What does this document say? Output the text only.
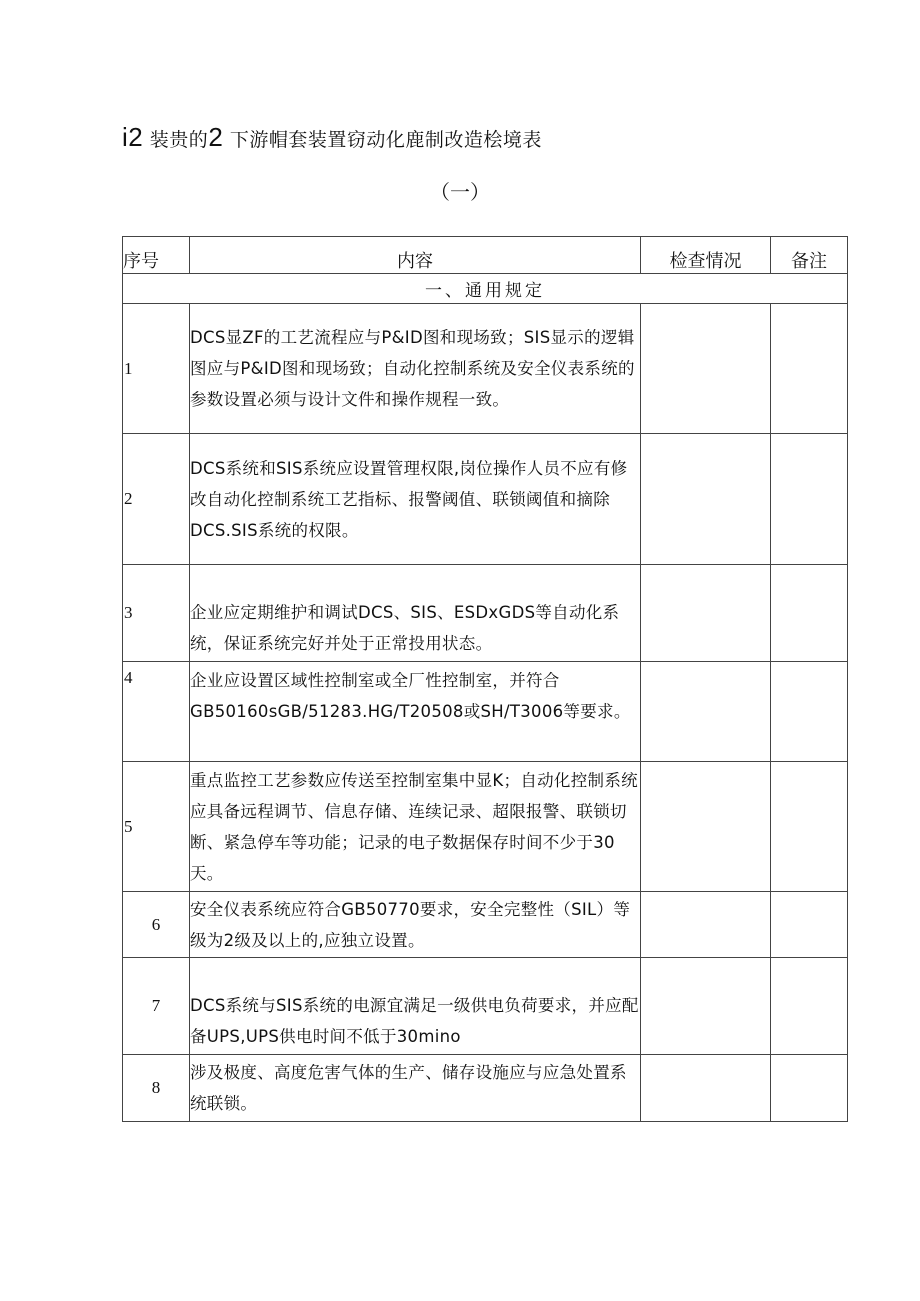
i2 装贵的2 下游帽套装置窃动化鹿制改造桧境表
（一）
序号	内容	检查情况	备注
一、通用规定			
1	DCS显ZF的工艺流程应与P&ID图和现场致；SIS显示的逻辑图应与P&ID图和现场致；自动化控制系统及安全仪表系统的参数设置必须与设计文件和操作规程一致。		
2	DCS系统和SIS系统应设置管理权限,岗位操作人员不应有修改自动化控制系统工艺指标、报警阈值、联锁阈值和摘除DCS.SIS系统的权限。		
3	企业应定期维护和调试DCS、SIS、ESDxGDS等自动化系统，保证系统完好并处于正常投用状态。		
4	企业应设置区域性控制室或全厂性控制室，并符合GB50160sGB/51283.HG/T20508或SH/T3006等要求。		
5	重点监控工艺参数应传送至控制室集中显K；自动化控制系统应具备远程调节、信息存储、连续记录、超限报警、联锁切断、紧急停车等功能；记录的电子数据保存时间不少于30天。		
6	安全仪表系统应符合GB50770要求，安全完整性（SIL）等级为2级及以上的,应独立设置。		
7	DCS系统与SIS系统的电源宜满足一级供电负荷要求，并应配备UPS,UPS供电时间不低于30mino		
8	涉及极度、高度危害气体的生产、储存设施应与应急处置系统联锁。		
